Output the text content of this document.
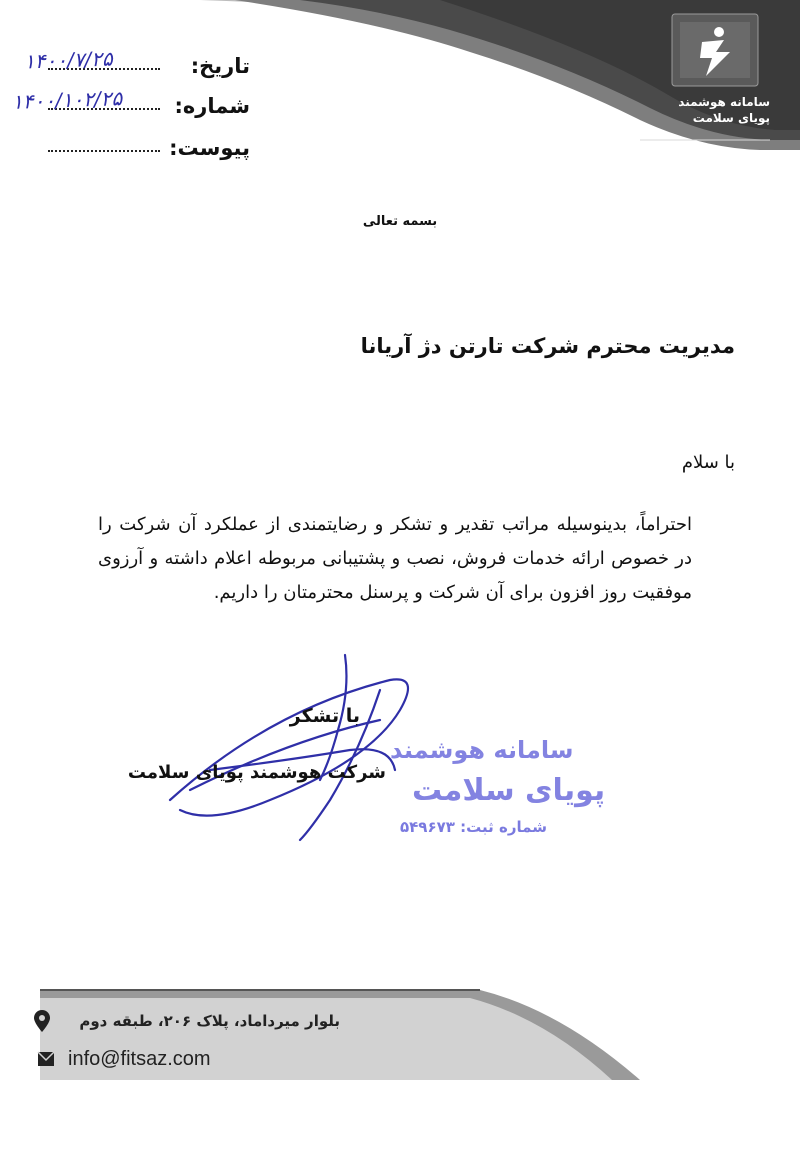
سامانه هوشمند
پویای سلامت
تاریخ:
۱۴۰۰/۷/۲۵
شماره:
۱۴۰۰/۱۰۲/۲۵
پیوست:
بسمه تعالی
مدیریت محترم شرکت تارتن دژ آریانا
با سلام
احتراماً، بدینوسیله مراتب تقدیر و تشکر و رضایتمندی از عملکرد آن شرکت را در خصوص ارائه خدمات فروش، نصب و پشتیبانی مربوطه اعلام داشته و آرزوی موفقیت روز افزون برای آن شرکت و پرسنل محترمتان را داریم.
سامانه هوشمند
پویای سلامت
شماره ثبت: ۵۴۹۶۷۳
با تشکر
شرکت هوشمند پویای سلامت
بلوار میرداماد، پلاک ۲۰۶، طبقه دوم
info@fitsaz.com
